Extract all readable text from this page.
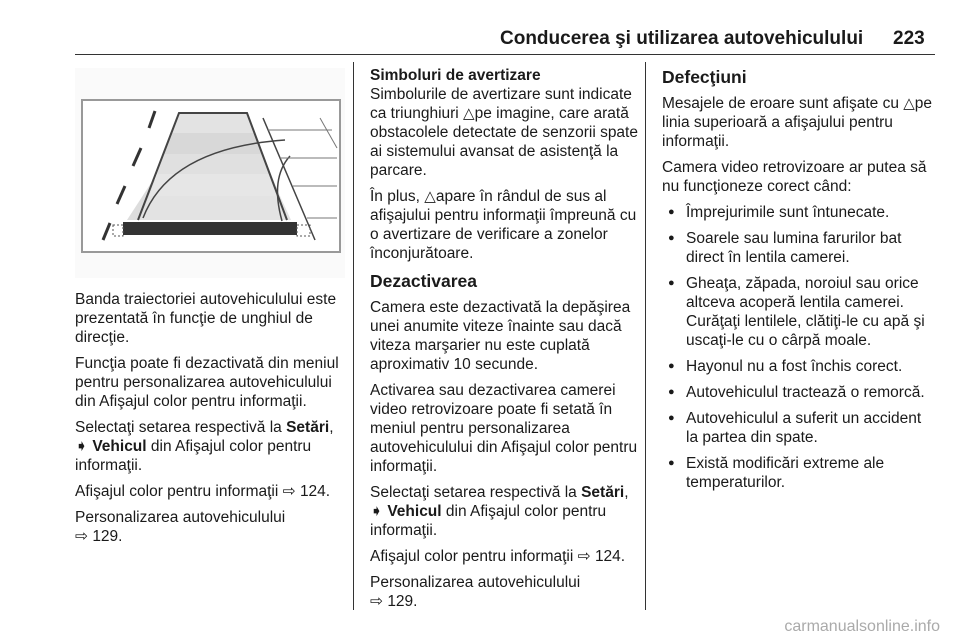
Conducerea şi utilizarea autovehiculului 223

Banda traiectoriei autovehiculului este prezentată în funcţie de unghiul de direcţie.

Funcţia poate fi dezactivată din meniul pentru personalizarea autovehiculului din Afişajul color pentru informaţii.

Selectaţi setarea respectivă la Setări,
➧ Vehicul din Afişajul color pentru informaţii.

Afişajul color pentru informaţii ⇨ 124.

Personalizarea autovehiculului
⇨ 129.

Simboluri de avertizare

Simbolurile de avertizare sunt indicate ca triunghiuri △pe imagine, care arată obstacolele detectate de senzorii spate ai sistemului avansat de asistenţă la parcare.

În plus, △apare în rândul de sus al afişajului pentru informaţii împreună cu o avertizare de verificare a zonelor înconjurătoare.

Dezactivarea

Camera este dezactivată la depăşirea unei anumite viteze înainte sau dacă viteza marşarier nu este cuplată aproximativ 10 secunde.

Activarea sau dezactivarea camerei video retrovizoare poate fi setată în meniul pentru personalizarea autovehiculului din Afişajul color pentru informaţii.

Selectaţi setarea respectivă la Setări,
➧ Vehicul din Afişajul color pentru informaţii.

Afişajul color pentru informaţii ⇨ 124.

Personalizarea autovehiculului
⇨ 129.

Defecţiuni

Mesajele de eroare sunt afişate cu △pe linia superioară a afişajului pentru informaţii.

Camera video retrovizoare ar putea să nu funcţioneze corect când:

● Împrejurimile sunt întunecate.
● Soarele sau lumina farurilor bat direct în lentila camerei.
● Gheaţa, zăpada, noroiul sau orice altceva acoperă lentila camerei. Curăţaţi lentilele, clătiţi-le cu apă şi uscaţi-le cu o cârpă moale.
● Hayonul nu a fost închis corect.
● Autovehiculul tractează o remorcă.
● Autovehiculul a suferit un accident la partea din spate.
● Există modificări extreme ale temperaturilor.
carmanualsonline.info
